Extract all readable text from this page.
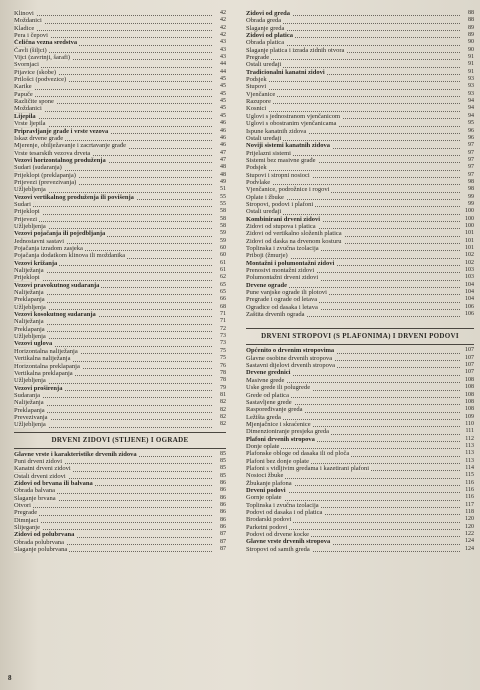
Klinovi	42
Moždanici	42
Kladice	42
Pera i čepovi	42
Čelična vezna sredstva	43
Čavli (šiljci)	43
Vijci (zavrtnji, šarafi)	43
Svornjaci	44
Pijavice (skobe)	44
Prilošci (podvezice)	45
Karike	45
Papuče	45
Različite spone	45
Moždanici	45
Lijepila	45
Vrste ljepila	46
Pripravljanje građe i vrste vezova	46
Iskaz drvene građe	46
Mjerenje, obilježavanje i zacrtavanje građe	46
Vrste tesarskih vezova drveta	47
Vezovi horizontalnog produženja	47
Sudari (sudaranja)	48
Prijeklopi (preklapanja)	48
Prijevezi (prevezivanja)	49
Užljebljenja	51
Vezovi vertikalnog produženja ili povišenja	55
Sudari	55
Prijeklopi	58
Prijevezi	58
Užljebljenja	58
Vezovi pojačanja ili pojedbljanja	59
Jednostavni sastavi	59
Pojačanja izradom zasjeka	60
Pojačanja dodatkom klinova ili moždanika	60
Vezovi križanja	61
Naliježanja	61
Prijeklopi	62
Vezovi pravokutnog sudaranja	65
Naliježanja	65
Preklapanja	66
Užljebljenja	68
Vezovi kosokutnog sudaranja	71
Naliježanja	71
Preklapanja	72
Užljebljenja	73
Vezovi uglova	73
Horizontalna naliježanja	75
Vertikalna naliježanja	75
Horizontalna preklapanja	76
Vertikalna preklapanja	78
Užljebljenja	78
Vezovi proširenja	79
Sudaranja	81
Naliježanja	82
Preklapanja	82
Prevezivanja	82
Užljebljenja	82
DRVENI ZIDOVI (STIJENE) I OGRADE
Glavne vrste i karakteristike drvenih zidova	85
Puni drveni zidovi	85
Kanatni drveni zidovi	85
Ostali drveni zidovi	85
Zidovi od brvana ili balvana	86
Obrada balvana	86
Slaganje brvana	86
Otvori	86
Pregrade	86
Dimnjaci	86
Slijeganje	86
Zidovi od polubrvana	87
Obrada polubrvana	87
Slaganje polubrvana	87
Zidovi od greda	88
Obrada greda	88
Slaganje greda	89
Zidovi od platica	89
Obrada platica	90
Slaganje platica i izrada zidnih otvora	90
Pregrade	91
Ostali uređaji	91
Tradicionalni kanatni zidovi	91
Podsjek	93
Stupovi	93
Vjenčanice	93
Razupore	94
Kosnici	94
Uglovi s jednostranom vjenčanicom	94
Uglovi s obostranim vjenčanicama	95
Ispune kanatnih zidova	96
Ostali uređaji	96
Noviji sistemi kanatnih zidova	97
Prijelazni sistemi	97
Sistemi bez masivne građe	97
Podsjek	97
Stupovi i stropni nosioci	97
Podvlake	98
Vjenčanice, podrožnice i rogovi	98
Oplate i žbuke	99
Stropovi, podovi i plafoni	99
Ostali uređaji	100
Kombinirani drveni zidovi	100
Zidovi od stupova i platica	100
Zidovi od vertikalno složenih platica	101
Zidovi od daska na drvenom kosturu	101
Toplinska i zvučna izolacija	101
Priboji (žmurje)	102
Montažni i polumontažni zidovi	102
Prenosivi montažni zidovi	103
Polumontažni drveni zidovi	103
Drvene ograde	104
Pune vanjske ograde ili plotovi	104
Pregrade i ograde od letava	104
Ogradice od dasaka i letava	106
Zaštita drvenih ograda	106
DRVENI STROPOVI (S PLAFONIMA) I DRVENI PODOVI
Općenito o drvenim stropovima	107
Glavne osobine drvenih stropova	107
Sastavni dijelovi drvenih stropova	107
Drvene grednici	107
Masivne grede	108
Uske grede ili polugrede	108
Grede od platica	108
Sastavljene grede	108
Raspoređivanje greda	108
Ležišta greda	109
Mjenjačnice i skraćenice	110
Dimenzioniranje presjeka greda	111
Plafoni drvenih stropova	112
Donje oplate	113
Plafonske obloge od dasaka ili od ploča	113
Plafoni bez donje oplate	113
Plafoni s vidljivim gredama i kazetirani plafoni	114
Nosioci žbuke	115
Žbukanje plafona	116
Drveni podovi	116
Gornje oplate	116
Toplinska i zvučna izolacija	117
Podovi od dasaka i od platica	118
Brodarski podovi	120
Parketni podovi	120
Podovi od drvene kocke	122
Glavne vrste drvenih stropova	124
Stropovi od samih greda	124
8
